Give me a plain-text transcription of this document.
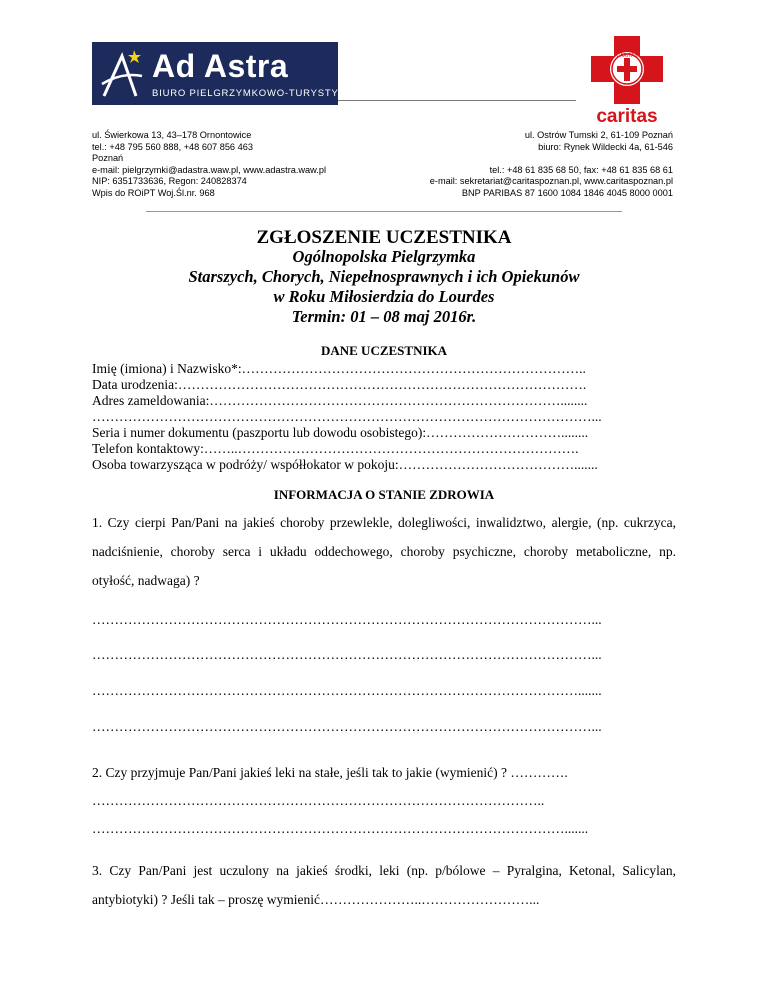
Ad Astra
BIURO PIELGRZYMKOWO-TURYSTYCZNE
CARITAS
caritas
ul. Świerkowa 13, 43–178 Ornontowice
tel.: +48 795 560 888, +48 607 856 463
Poznań
e-mail: pielgrzymki@adastra.waw.pl, www.adastra.waw.pl
NIP: 6351733636, Regon: 240828374
Wpis do ROiPT Woj.Śl.nr. 968
ul. Ostrów Tumski 2, 61-109 Poznań
biuro: Rynek Wildecki 4a, 61-546

tel.: +48 61 835 68 50, fax: +48 61 835 68 61
e-mail: sekretariat@caritaspoznan.pl, www.caritaspoznan.pl
BNP PARIBAS 87 1600 1084 1846 4045 8000 0001
ZGŁOSZENIE UCZESTNIKA
Ogólnopolska Pielgrzymka
Starszych, Chorych, Niepełnosprawnych i ich Opiekunów
w Roku Miłosierdzia do Lourdes
Termin: 01 – 08 maj 2016r.
DANE UCZESTNIKA
Imię (imiona) i Nazwisko*:…………………………………………………………………..
Data urodzenia:……………………………………………………………………………….
Adres zameldowania:……………………………………………………………………........
…………………………………………………………………………………………………...
Seria i numer dokumentu (paszportu lub dowodu osobistego):…………………………........
Telefon kontaktowy:……..………………………………………………………………….
Osoba towarzysząca w podróży/ współłokator w pokoju:………………………………….......
INFORMACJA O STANIE ZDROWIA
1. Czy cierpi Pan/Pani na jakieś choroby przewlekle, dolegliwości, inwalidztwo, alergie, (np. cukrzyca, nadciśnienie, choroby serca i układu oddechowego, choroby psychiczne, choroby metaboliczne, np. otyłość, nadwaga) ?
…………………………………………………………………………………………………...
…………………………………………………………………………………………………...
……………………………………………………………………………………………….......
…………………………………………………………………………………………………...
2. Czy przyjmuje Pan/Pani jakieś leki na stałe, jeśli tak to jakie (wymienić) ? ………….
………………………………………………………………………………………..
…………………………………………………………………………………………….......
3. Czy Pan/Pani jest uczulony na jakieś środki, leki (np. p/bólowe – Pyralgina, Ketonal, Salicylan, antybiotyki) ? Jeśli tak – proszę wymienić…………………..……………………...
